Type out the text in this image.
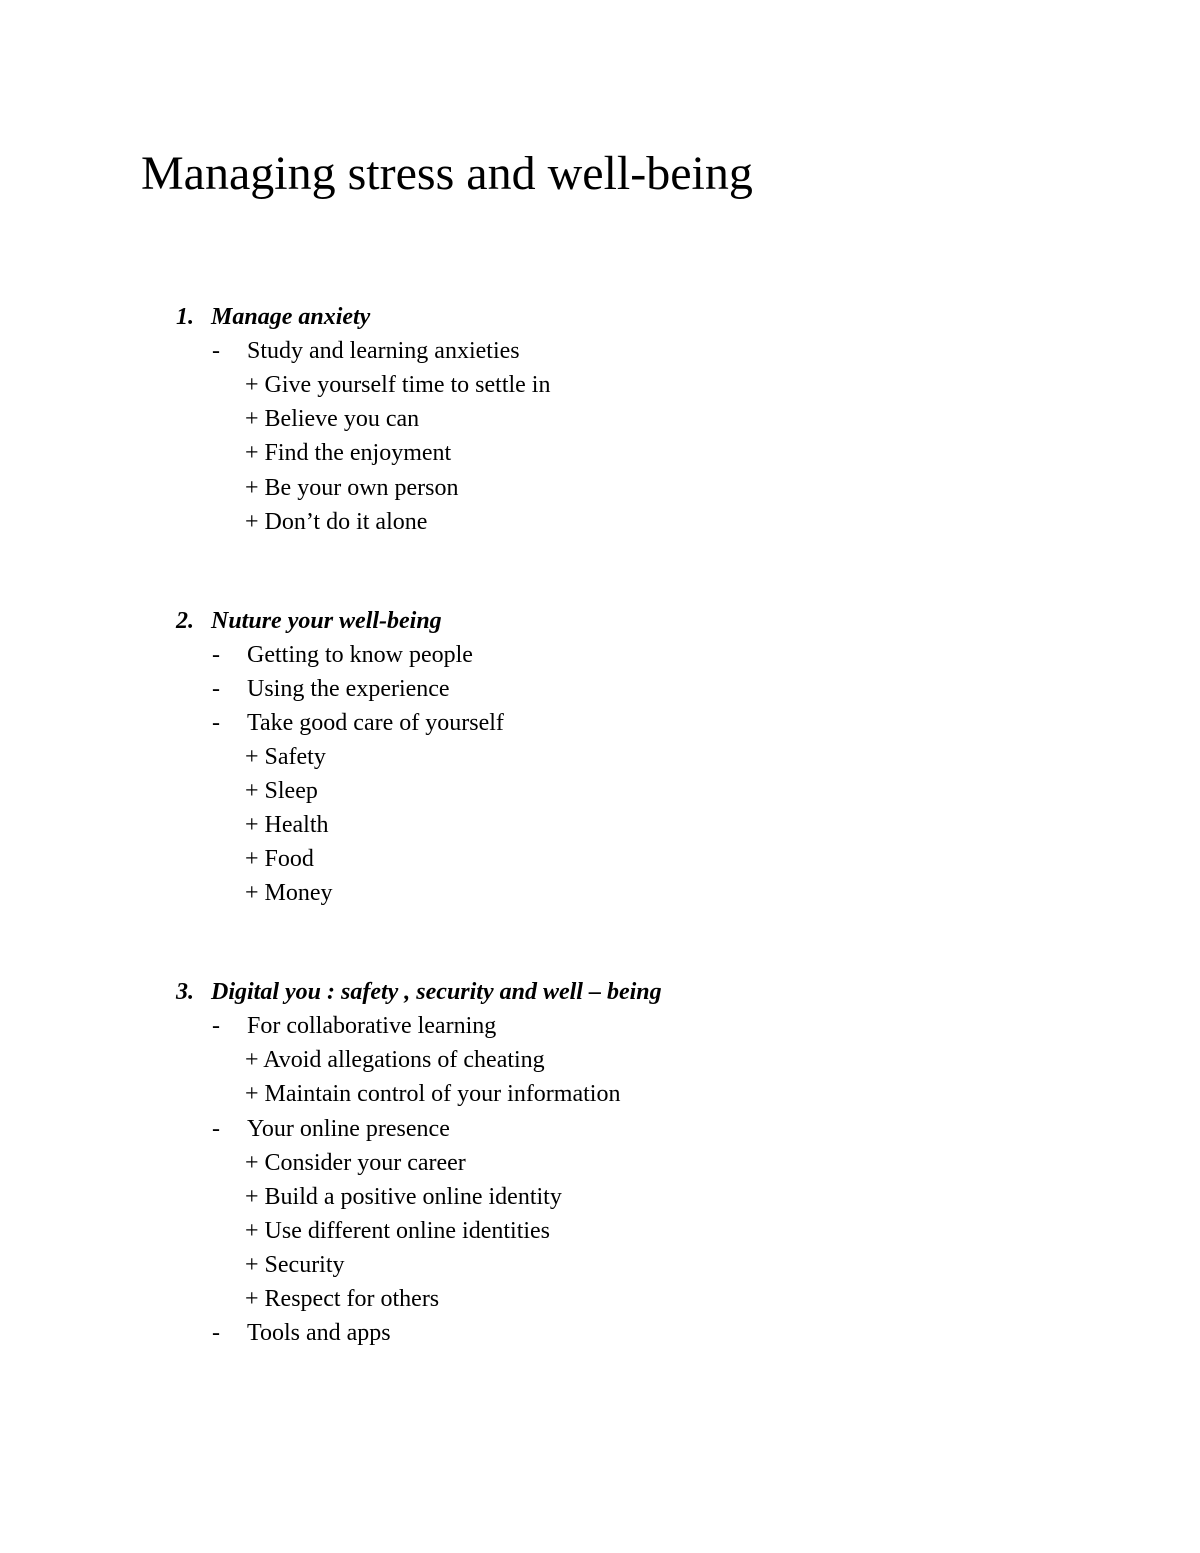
Managing stress and well-being
1. Manage anxiety
- Study and learning anxieties
+ Give yourself time to settle in
+ Believe you can
+ Find the enjoyment
+ Be your own person
+ Don’t do it alone
2. Nuture your well-being
- Getting to know people
- Using the experience
- Take good care of yourself
+ Safety
+ Sleep
+ Health
+ Food
+ Money
3. Digital you : safety , security and well – being
- For collaborative learning
+ Avoid allegations of cheating
+ Maintain control of your information
- Your online presence
+ Consider your career
+ Build a positive online identity
+ Use different online identities
+ Security
+ Respect for others
- Tools and apps
